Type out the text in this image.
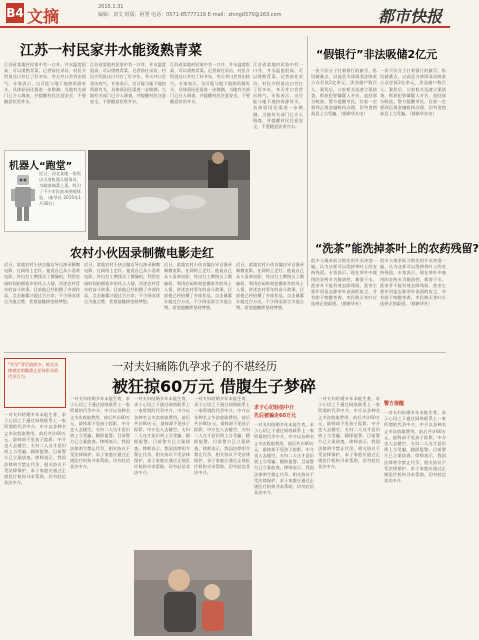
B4 文摘	2015.1.31
编辑：刘文 组版：阿慧 电话：0571-85777116 E-mail：zhing0570@163.com	都市快报
江苏一村民家井水能烫熟青菜
江苏省某地村民家中有一口井，井水温度很高，可以烫熟青菜。记者前往采访，村民介绍说这口井打了好多年，冬天井口会冒出热气。专家表示，这可能与地下地热资源有关，具体原因还需进一步勘测。当地有关部门已介入调查，并提醒村民注意安全，不要随意饮用井水。
江苏省某地村民家中有一口井，井水温度很高，可以烫熟青菜。记者前往采访，村民介绍说这口井打了好多年，冬天井口会冒出热气。专家表示，这可能与地下地热资源有关，具体原因还需进一步勘测。当地有关部门已介入调查，并提醒村民注意安全，不要随意饮用井水。
江苏省某地村民家中有一口井，井水温度很高，可以烫熟青菜。记者前往采访，村民介绍说这口井打了好多年，冬天井口会冒出热气。专家表示，这可能与地下地热资源有关，具体原因还需进一步勘测。当地有关部门已介入调查，并提醒村民注意安全，不要随意饮用井水。
江苏省某地村民家中有一口井，井水温度很高，可以烫熟青菜。记者前往采访，村民介绍说这口井打了好多年，冬天井口会冒出热气。专家表示，这可能与地下地热资源有关，具体原因还需进一步勘测。当地有关部门已介入调查，并提醒村民注意安全，不要随意饮用井水。
机器人“跑堂”
近日，河北某地一家饭店引进机器人服务员，为顾客端菜上菜，吸引了不少市民前来围观体验。（新华社 2015年1月30日）
“假银行”非法吸储2亿元
一伙不法分子打着银行的旗号，私设储蓄点，以高息为诱饵非法吸收公众存款2亿余元，涉及储户数百人。案发后，公安机关迅速立案侦查，抓获犯罪嫌疑人多名，追回部分赃款。警方提醒市民，存款一定要到正规金融机构办理，切勿贪图高息上当受骗。（据新华社电）
一伙不法分子打着银行的旗号，私设储蓄点，以高息为诱饵非法吸收公众存款2亿余元，涉及储户数百人。案发后，公安机关迅速立案侦查，抓获犯罪嫌疑人多名，追回部分赃款。警方提醒市民，存款一定要到正规金融机构办理，切勿贪图高息上当受骗。（据新华社电）
农村小伙因录制微电影走红
近日，某地农村小伙自编自导自演录制微电影，在网络上走红。他说自己从小喜欢电影，外出打工攒钱买了摄像机，利用农闲时间拍摄家乡的风土人情，讲述农村青年的奋斗故事。目前他已经拍摄了多部作品，点击量累计超过百万次，不少网友留言为他点赞，希望他继续坚持梦想。
近日，某地农村小伙自编自导自演录制微电影，在网络上走红。他说自己从小喜欢电影，外出打工攒钱买了摄像机，利用农闲时间拍摄家乡的风土人情，讲述农村青年的奋斗故事。目前他已经拍摄了多部作品，点击量累计超过百万次，不少网友留言为他点赞，希望他继续坚持梦想。
近日，某地农村小伙自编自导自演录制微电影，在网络上走红。他说自己从小喜欢电影，外出打工攒钱买了摄像机，利用农闲时间拍摄家乡的风土人情，讲述农村青年的奋斗故事。目前他已经拍摄了多部作品，点击量累计超过百万次，不少网友留言为他点赞，希望他继续坚持梦想。
近日，某地农村小伙自编自导自演录制微电影，在网络上走红。他说自己从小喜欢电影，外出打工攒钱买了摄像机，利用农闲时间拍摄家乡的风土人情，讲述农村青年的奋斗故事。目前他已经拍摄了多部作品，点击量累计超过百万次，不少网友留言为他点赞，希望他继续坚持梦想。
“洗茶”能洗掉茶叶上的农药残留?
很多人喝茶前习惯先用开水冲泡一遍，认为这样可以洗掉茶叶上的农药残留。专家表示，现在茶叶中使用的农药多为脂溶性，难溶于水，洗茶并不能有效去除残留。洗茶主要作用是去除茶叶表面的灰尘，并有助于唤醒茶香。市民购买茶叶应选择正规渠道。（据新华社）
很多人喝茶前习惯先用开水冲泡一遍，认为这样可以洗掉茶叶上的农药残留。专家表示，现在茶叶中使用的农药多为脂溶性，难溶于水，洗茶并不能有效去除残留。洗茶主要作用是去除茶叶表面的灰尘，并有助于唤醒茶香。市民购买茶叶应选择正规渠道。（据新华社）
一对夫妇痛陈仇孕求子的不堪经历
被狂掠60万元 借腹生子梦碎
“代孕”背后陷阱多，相关法律规定明确禁止任何形式的代孕行为。
一对夫妇结婚多年未能生育，求子心切之下通过网络联系上一家所谓的代孕中介。中介以各种名义多次收取费用，前后共计60万元，最终却不见孩子踪影，中介也人去楼空。夫妇二人这才意识到上当受骗，随即报警。目前警方已立案侦查。律师表示，我国法律明令禁止代孕，相关协议不受法律保护，求子家庭应通过正规医疗机构寻求帮助，切勿轻信非法中介。
一对夫妇结婚多年未能生育，求子心切之下通过网络联系上一家所谓的代孕中介。中介以各种名义多次收取费用，前后共计60万元，最终却不见孩子踪影，中介也人去楼空。夫妇二人这才意识到上当受骗，随即报警。目前警方已立案侦查。律师表示，我国法律明令禁止代孕，相关协议不受法律保护，求子家庭应通过正规医疗机构寻求帮助，切勿轻信非法中介。
一对夫妇结婚多年未能生育，求子心切之下通过网络联系上一家所谓的代孕中介。中介以各种名义多次收取费用，前后共计60万元，最终却不见孩子踪影，中介也人去楼空。夫妇二人这才意识到上当受骗，随即报警。目前警方已立案侦查。律师表示，我国法律明令禁止代孕，相关协议不受法律保护，求子家庭应通过正规医疗机构寻求帮助，切勿轻信非法中介。
一对夫妇结婚多年未能生育，求子心切之下通过网络联系上一家所谓的代孕中介。中介以各种名义多次收取费用，前后共计60万元，最终却不见孩子踪影，中介也人去楼空。夫妇二人这才意识到上当受骗，随即报警。目前警方已立案侦查。律师表示，我国法律明令禁止代孕，相关协议不受法律保护，求子家庭应通过正规医疗机构寻求帮助，切勿轻信非法中介。
求子心切轻信中介
先后被骗走60万元
一对夫妇结婚多年未能生育，求子心切之下通过网络联系上一家所谓的代孕中介。中介以各种名义多次收取费用，前后共计60万元，最终却不见孩子踪影，中介也人去楼空。夫妇二人这才意识到上当受骗，随即报警。目前警方已立案侦查。律师表示，我国法律明令禁止代孕，相关协议不受法律保护，求子家庭应通过正规医疗机构寻求帮助，切勿轻信非法中介。
一对夫妇结婚多年未能生育，求子心切之下通过网络联系上一家所谓的代孕中介。中介以各种名义多次收取费用，前后共计60万元，最终却不见孩子踪影，中介也人去楼空。夫妇二人这才意识到上当受骗，随即报警。目前警方已立案侦查。律师表示，我国法律明令禁止代孕，相关协议不受法律保护，求子家庭应通过正规医疗机构寻求帮助，切勿轻信非法中介。
警方提醒
一对夫妇结婚多年未能生育，求子心切之下通过网络联系上一家所谓的代孕中介。中介以各种名义多次收取费用，前后共计60万元，最终却不见孩子踪影，中介也人去楼空。夫妇二人这才意识到上当受骗，随即报警。目前警方已立案侦查。律师表示，我国法律明令禁止代孕，相关协议不受法律保护，求子家庭应通过正规医疗机构寻求帮助，切勿轻信非法中介。
